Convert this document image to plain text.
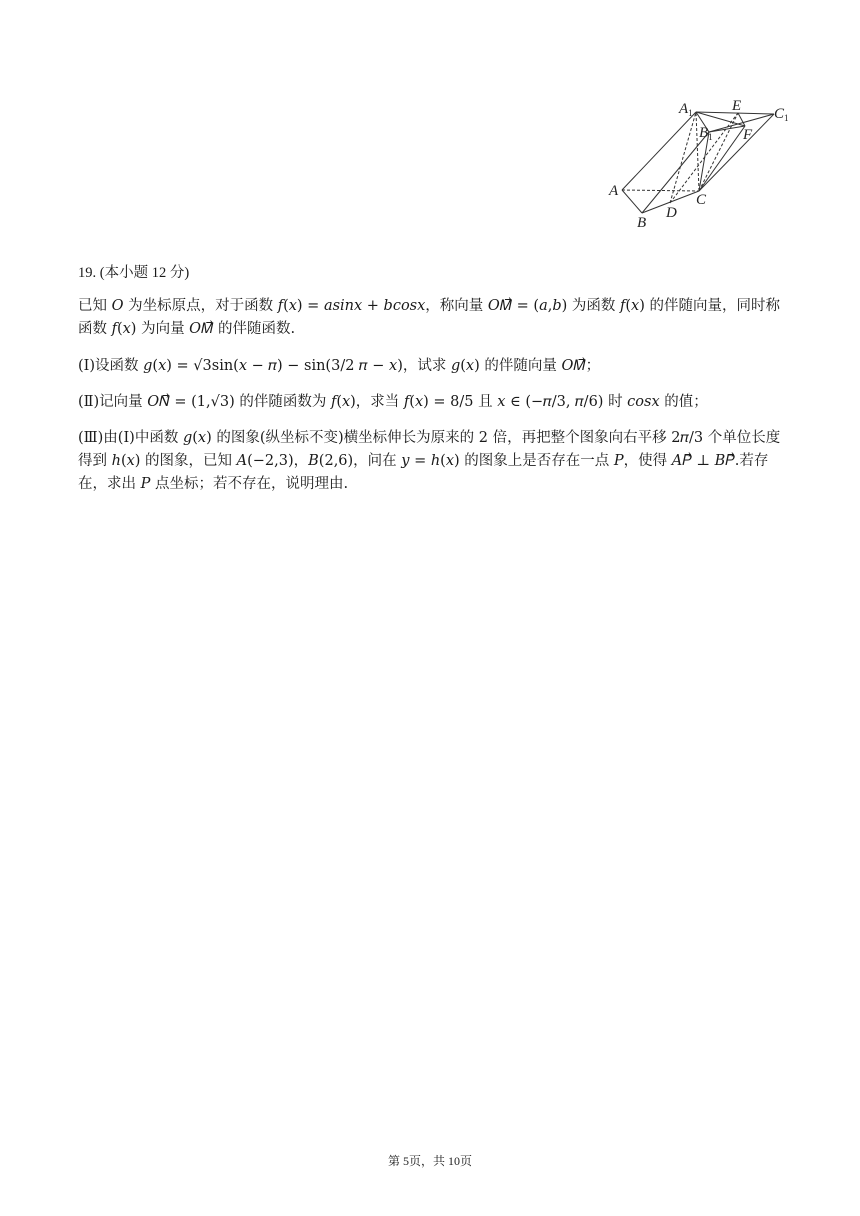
$A_1$	E $C_1$
$B_1$ F
A
C
D
B

19. (本小题 12 分)

已知 𝑂 为坐标原点，对于函数 𝑓(𝑥) = 𝑎𝑠𝑖𝑛𝑥 + 𝑏𝑐𝑜𝑠𝑥，称向量 𝑂𝑀⃗ = (𝑎,𝑏) 为函数 𝑓(𝑥) 的伴随向量，同时称函数 𝑓(𝑥) 为向量 𝑂𝑀⃗ 的伴随函数.

(Ⅰ)设函数 𝑔(𝑥) = √3sin(𝑥 − 𝜋) − sin(3/2 𝜋 − 𝑥)，试求 𝑔(𝑥) 的伴随向量 𝑂𝑀⃗；

(Ⅱ)记向量 𝑂𝑁⃗ = (1,√3) 的伴随函数为 𝑓(𝑥)，求当 𝑓(𝑥) = 8/5 且 𝑥 ∈ (−𝜋/3, 𝜋/6) 时 𝑐𝑜𝑠𝑥 的值；

(Ⅲ)由(Ⅰ)中函数 𝑔(𝑥) 的图象(纵坐标不变)横坐标伸长为原来的 2 倍，再把整个图象向右平移 2𝜋/3 个单位长度得到 ℎ(𝑥) 的图象，已知 𝐴(−2,3)，𝐵(2,6)，问在 𝑦 = ℎ(𝑥) 的图象上是否存在一点 𝑃，使得 𝐴𝑃⃗ ⊥ 𝐵𝑃⃗.若存在，求出 𝑃 点坐标；若不存在，说明理由.

第 5页，共 10页
